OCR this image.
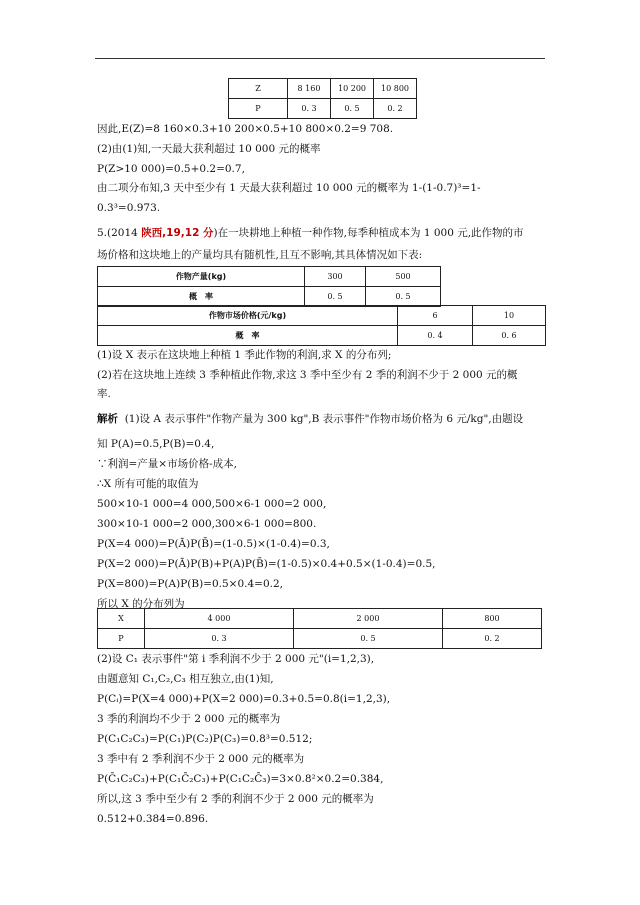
Z	8 160	10 200	10 800
P	0. 3	0. 5	0. 2
因此,E(Z)=8 160×0.3+10 200×0.5+10 800×0.2=9 708.
(2)由(1)知,一天最大获利超过 10 000 元的概率
P(Z>10 000)=0.5+0.2=0.7,
由二项分布知,3 天中至少有 1 天最大获利超过 10 000 元的概率为 1-(1-0.7)³=1-
0.3³=0.973.
5.(2014 陕西,19,12 分)在一块耕地上种植一种作物,每季种植成本为 1 000 元,此作物的市
场价格和这块地上的产量均具有随机性,且互不影响,其具体情况如下表:
作物产量(kg)	300	500
概　率	0. 5	0. 5
作物市场价格(元/kg)	6	10
概　率	0. 4	0. 6
(1)设 X 表示在这块地上种植 1 季此作物的利润,求 X 的分布列;
(2)若在这块地上连续 3 季种植此作物,求这 3 季中至少有 2 季的利润不少于 2 000 元的概
率.
解析 (1)设 A 表示事件"作物产量为 300 kg",B 表示事件"作物市场价格为 6 元/kg",由题设
知 P(A)=0.5,P(B)=0.4,
∵利润=产量×市场价格-成本,
∴X 所有可能的取值为
500×10-1 000=4 000,500×6-1 000=2 000,
300×10-1 000=2 000,300×6-1 000=800.
P(X=4 000)=P(Ā)P(B̄)=(1-0.5)×(1-0.4)=0.3,
P(X=2 000)=P(Ā)P(B)+P(A)P(B̄)=(1-0.5)×0.4+0.5×(1-0.4)=0.5,
P(X=800)=P(A)P(B)=0.5×0.4=0.2,
所以 X 的分布列为
X	4 000	2 000	800
P	0. 3	0. 5	0. 2
(2)设 C₁ 表示事件"第 i 季利润不少于 2 000 元"(i=1,2,3),
由题意知 C₁,C₂,C₃ 相互独立,由(1)知,
P(Cᵢ)=P(X=4 000)+P(X=2 000)=0.3+0.5=0.8(i=1,2,3),
3 季的利润均不少于 2 000 元的概率为
P(C₁C₂C₃)=P(C₁)P(C₂)P(C₃)=0.8³=0.512;
3 季中有 2 季利润不少于 2 000 元的概率为
P(C̄₁C₂C₃)+P(C₁C̄₂C₃)+P(C₁C₂C̄₃)=3×0.8²×0.2=0.384,
所以,这 3 季中至少有 2 季的利润不少于 2 000 元的概率为
0.512+0.384=0.896.
